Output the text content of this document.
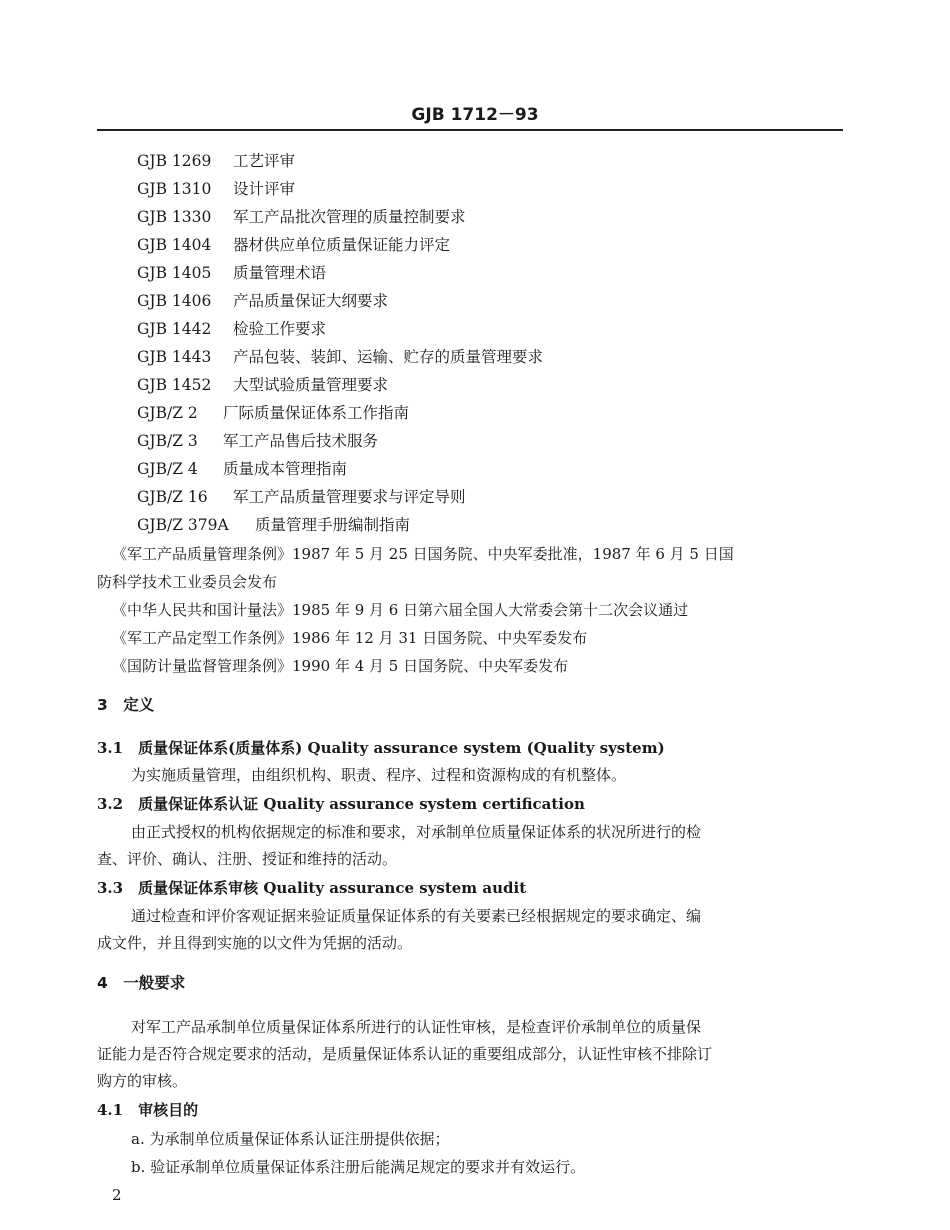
GJB 1712－93
GJB 1269 工艺评审
GJB 1310 设计评审
GJB 1330 军工产品批次管理的质量控制要求
GJB 1404 器材供应单位质量保证能力评定
GJB 1405 质量管理术语
GJB 1406 产品质量保证大纲要求
GJB 1442 检验工作要求
GJB 1443 产品包装、装卸、运输、贮存的质量管理要求
GJB 1452 大型试验质量管理要求
GJB/Z 2 厂际质量保证体系工作指南
GJB/Z 3 军工产品售后技术服务
GJB/Z 4 质量成本管理指南
GJB/Z 16 军工产品质量管理要求与评定导则
GJB/Z 379A 质量管理手册编制指南
《军工产品质量管理条例》1987 年 5 月 25 日国务院、中央军委批准，1987 年 6 月 5 日国
防科学技术工业委员会发布
《中华人民共和国计量法》1985 年 9 月 6 日第六届全国人大常委会第十二次会议通过
《军工产品定型工作条例》1986 年 12 月 31 日国务院、中央军委发布
《国防计量监督管理条例》1990 年 4 月 5 日国务院、中央军委发布
3　定义
3.1　质量保证体系(质量体系) Quality assurance system (Quality system)
为实施质量管理，由组织机构、职责、程序、过程和资源构成的有机整体。
3.2　质量保证体系认证 Quality assurance system certification
由正式授权的机构依据规定的标准和要求，对承制单位质量保证体系的状况所进行的检
查、评价、确认、注册、授证和维持的活动。
3.3　质量保证体系审核 Quality assurance system audit
通过检查和评价客观证据来验证质量保证体系的有关要素已经根据规定的要求确定、编
成文件，并且得到实施的以文件为凭据的活动。
4　一般要求
对军工产品承制单位质量保证体系所进行的认证性审核，是检查评价承制单位的质量保
证能力是否符合规定要求的活动，是质量保证体系认证的重要组成部分，认证性审核不排除订
购方的审核。
4.1　审核目的
a. 为承制单位质量保证体系认证注册提供依据；
b. 验证承制单位质量保证体系注册后能满足规定的要求并有效运行。
2
